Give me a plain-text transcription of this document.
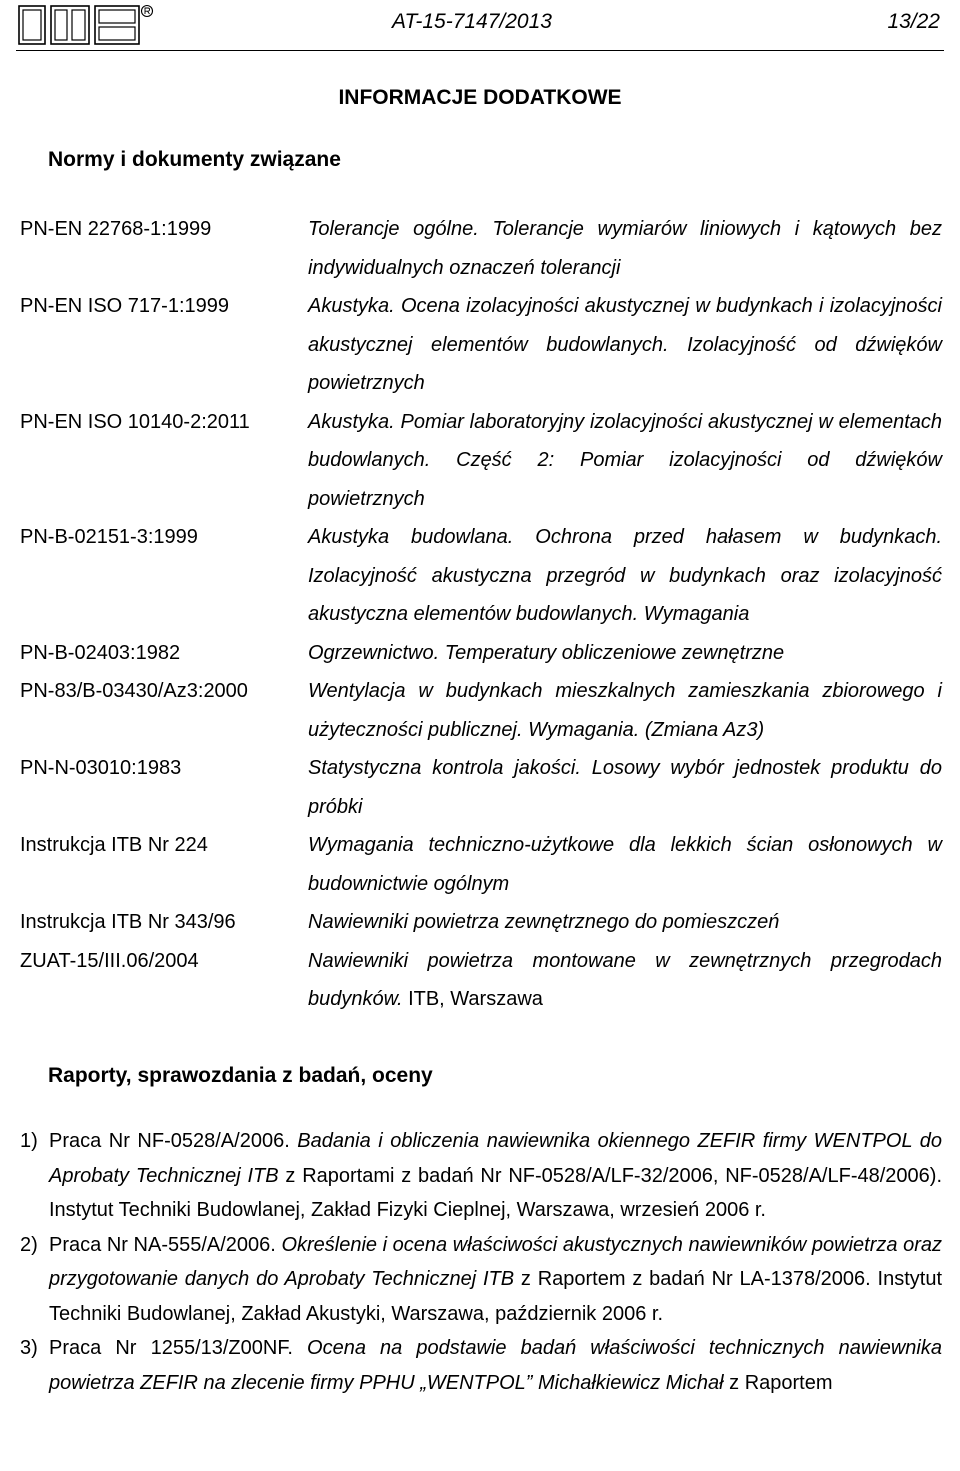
AT-15-7147/2013	13/22
INFORMACJE DODATKOWE
Normy i dokumenty związane
PN-EN 22768-1:1999	Tolerancje ogólne. Tolerancje wymiarów liniowych i kątowych bez indywidualnych oznaczeń tolerancji
PN-EN ISO 717-1:1999	Akustyka. Ocena izolacyjności akustycznej w budynkach i izolacyjności akustycznej elementów budowlanych. Izolacyjność od dźwięków powietrznych
PN-EN ISO 10140-2:2011	Akustyka. Pomiar laboratoryjny izolacyjności akustycznej w elementach budowlanych. Część 2: Pomiar izolacyjności od dźwięków powietrznych
PN-B-02151-3:1999	Akustyka budowlana. Ochrona przed hałasem w budynkach. Izolacyjność akustyczna przegród w budynkach oraz izolacyjność akustyczna elementów budowlanych. Wymagania
PN-B-02403:1982	Ogrzewnictwo. Temperatury obliczeniowe zewnętrzne
PN-83/B-03430/Az3:2000	Wentylacja w budynkach mieszkalnych zamieszkania zbiorowego i użyteczności publicznej. Wymagania. (Zmiana Az3)
PN-N-03010:1983	Statystyczna kontrola jakości. Losowy wybór jednostek produktu do próbki
Instrukcja ITB Nr 224	Wymagania techniczno-użytkowe dla lekkich ścian osłonowych w budownictwie ogólnym
Instrukcja ITB Nr 343/96	Nawiewniki powietrza zewnętrznego do pomieszczeń
ZUAT-15/III.06/2004	Nawiewniki powietrza montowane w zewnętrznych przegrodach budynków. ITB, Warszawa
Raporty, sprawozdania z badań, oceny
1) Praca Nr NF-0528/A/2006. Badania i obliczenia nawiewnika okiennego ZEFIR firmy WENTPOL do Aprobaty Technicznej ITB z Raportami z badań Nr NF-0528/A/LF-32/2006, NF-0528/A/LF-48/2006). Instytut Techniki Budowlanej, Zakład Fizyki Cieplnej, Warszawa, wrzesień 2006 r.
2) Praca Nr NA-555/A/2006. Określenie i ocena właściwości akustycznych nawiewników powietrza oraz przygotowanie danych do Aprobaty Technicznej ITB z Raportem z badań Nr LA-1378/2006. Instytut Techniki Budowlanej, Zakład Akustyki, Warszawa, październik 2006 r.
3) Praca Nr 1255/13/Z00NF. Ocena na podstawie badań właściwości technicznych nawiewnika powietrza ZEFIR na zlecenie firmy PPHU „WENTPOL” Michałkiewicz Michał z Raportem
